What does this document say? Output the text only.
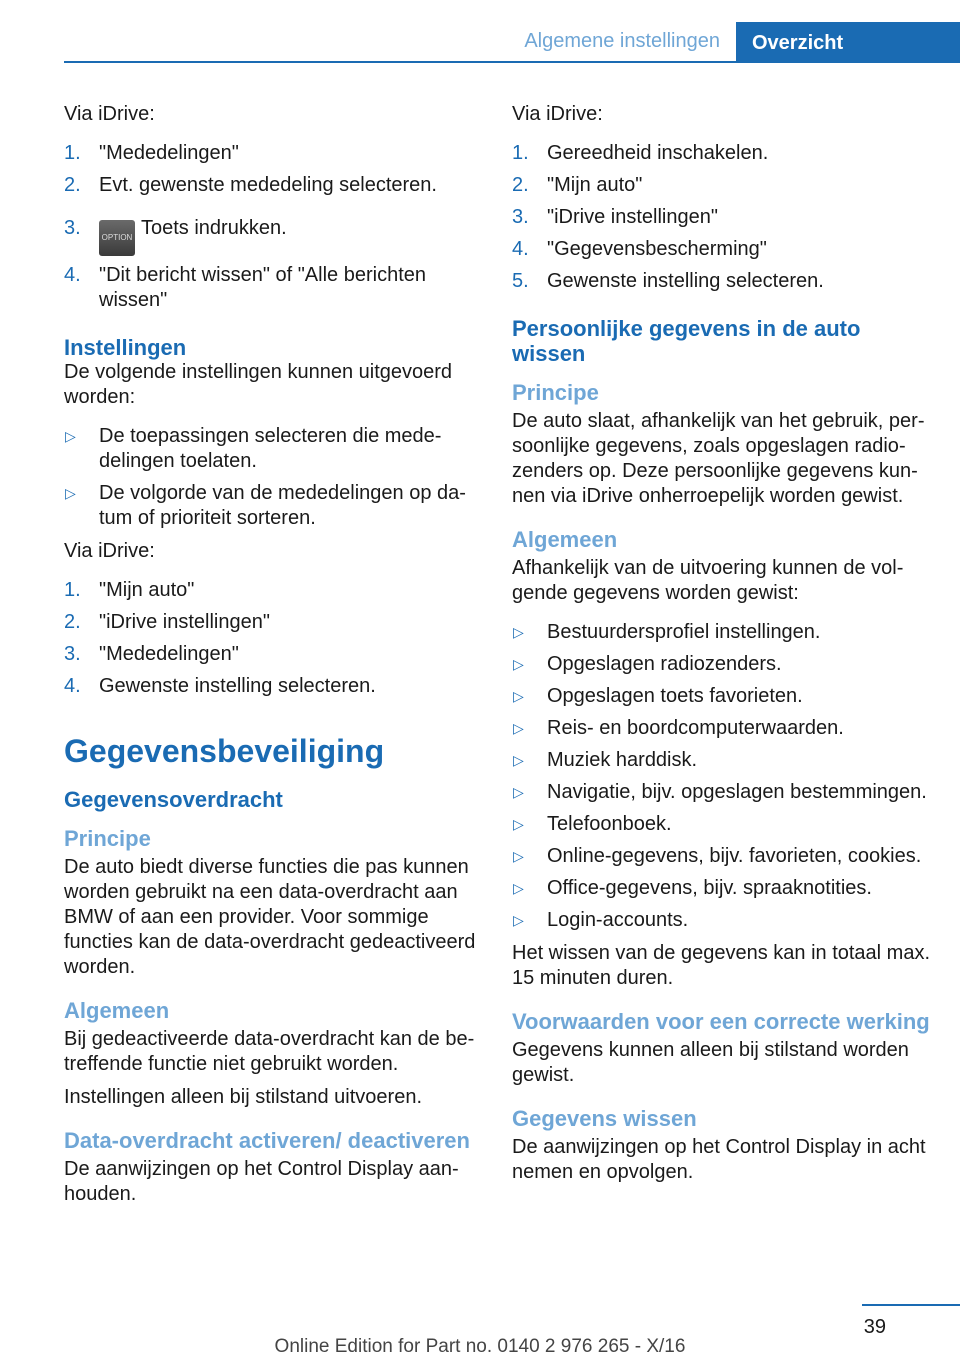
Algemene instellingen	Overzicht

Via iDrive:

1. "Mededelingen"
2. Evt. gewenste mededeling selecteren.
3.	OPTION Toets indrukken.
4. "Dit bericht wissen" of "Alle berichten wissen"
Instellingen

De volgende instellingen kunnen uitgevoerd worden:

▷ De toepassingen selecteren die mededelingen toelaten.
▷ De volgorde van de mededelingen op datum of prioriteit sorteren.

Via iDrive:

1. "Mijn auto"
2. "iDrive instellingen"
3. "Mededelingen"
4. Gewenste instelling selecteren.
Gegevensbeveiliging
Gegevensoverdracht
Principe

De auto biedt diverse functies die pas kunnen worden gebruikt na een data-overdracht aan BMW of aan een provider. Voor sommige functies kan de data-overdracht gedeactiveerd worden.

Algemeen

Bij gedeactiveerde data-overdracht kan de betreffende functie niet gebruikt worden.

Instellingen alleen bij stilstand uitvoeren.

Data-overdracht activeren/ deactiveren

De aanwijzingen op het Control Display aanhouden.

Via iDrive:

1. Gereedheid inschakelen.
2. "Mijn auto"
3. "iDrive instellingen"
4. "Gegevensbescherming"
5. Gewenste instelling selecteren.
Persoonlijke gegevens in de auto wissen
Principe

De auto slaat, afhankelijk van het gebruik, persoonlijke gegevens, zoals opgeslagen radiozenders op. Deze persoonlijke gegevens kunnen via iDrive onherroepelijk worden gewist.

Algemeen

Afhankelijk van de uitvoering kunnen de volgende gegevens worden gewist:

▷ Bestuurdersprofiel instellingen.
▷ Opgeslagen radiozenders.
▷ Opgeslagen toets favorieten.
▷ Reis- en boordcomputerwaarden.
▷ Muziek harddisk.
▷ Navigatie, bijv. opgeslagen bestemmingen.
▷ Telefoonboek.
▷ Online-gegevens, bijv. favorieten, cookies.
▷ Office-gegevens, bijv. spraaknotities.
▷ Login-accounts.

Het wissen van de gegevens kan in totaal max. 15 minuten duren.

Voorwaarden voor een correcte werking

Gegevens kunnen alleen bij stilstand worden gewist.

Gegevens wissen

De aanwijzingen op het Control Display in acht nemen en opvolgen.

39
Online Edition for Part no. 0140 2 976 265 - X/16
